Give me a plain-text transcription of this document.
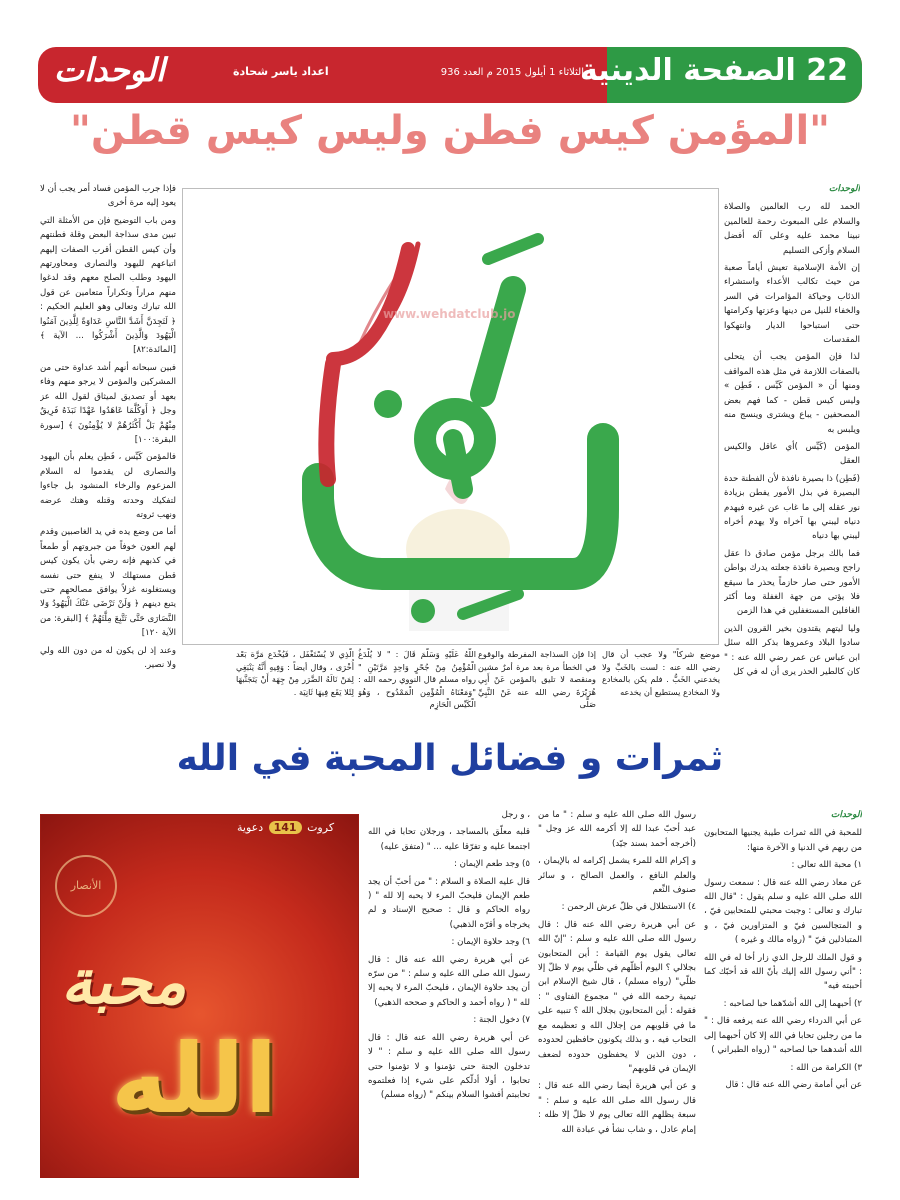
22 الصفحة الدينية
الثلاثاء 1 أيلول 2015 م العدد 936
اعداد ياسر شحادة
الوحدات
"المؤمن كيس فطن وليس كيس قطن"
الوحدات

الحمد لله رب العالمين والصلاة والسلام على المبعوث رحمة للعالمين نبينا محمد عليه وعلى آله أفضل السلام وأزكى التسليم

إن الأمة الإسلامية تعيش أياماً صعبة من حيث تكالب الأعداء واستشراء الذئاب وحياكة المؤامرات في السر والخفاء للنيل من دينها وعزتها وكرامتها حتى استباحوا الديار وانتهكوا المقدسات

لذا فإن المؤمن يجب أن يتحلى بالصفات اللازمة في مثل هذه المواقف ومنها أن « المؤمن كَيِّس ، فَطِن » وليس كيس قطن - كما فهم بعض المصحفين - يباع ويشترى وينسج منه ويلبس به

المؤمن (كَيِّس )أي عاقل والكيس العقل

(فَطِن) ذا بصيرة نافذة لأن الفطنة حدة البصيرة في بذل الأمور يفطن بزيادة نور عقله إلى ما غاب عن غيره فيهدم دنياه ليبني بها آخراه ولا يهدم أخراه ليبني بها دنياه

فما بالك برجل مؤمن صادق ذا عقل راجح وبصيرة نافذة جعلته يدرك بواطن الأمور حتى صار حازماً يحذر ما سيقع فلا يؤتى من جهة الغفلة وما أكثر الغافلين المستغفلين في هذا الزمن

وليا ليتهم يقتدون بخير القرون الذين سادوا البلاد وعمروها بذكر الله سئل ابن عباس عن عمر رضي الله عنه : " كان كالطير الحذر يرى أن له في كل

www.wehdatclub.jo

فإذا جرب المؤمن فساد أمر يجب أن لا يعود إليه مرة أخرى

ومن باب التوضيح فإن من الأمثلة التي تبين مدى سذاجة البعض وقلة فطنتهم وأن كيس القطن أقرب الصفات إليهم اتباعهم لليهود والنصارى ومحاورتهم اليهود وطلب الصلح معهم وقد لدغوا منهم مراراً وتكراراً متعامين عن قول الله تبارك وتعالى وهو العليم الحكيم : ﴿ لَتَجِدَنَّ أَشَدَّ النَّاسِ عَدَاوَةً لِلَّذِينَ آمَنُوا الْيَهُودَ وَالَّذِينَ أَشْرَكُوا ... الآية ﴾ [المائدة:٨٢]

فبين سبحانه أنهم أشد عداوة حتى من المشركين والمؤمن لا يرجو منهم وفاء بعهد أو تصديق لميثاق لقول الله عز وجل ﴿ أَوَكُلَّمَا عَاهَدُوا عَهْدًا نَبَذَهُ فَرِيقٌ مِنْهُمْ بَلْ أَكْثَرُهُمْ لا يُؤْمِنُونَ ﴾ [سورة البقرة:١٠٠]

فالمؤمن كَيِّس ، فَطِن يعلم بأن اليهود والنصارى لن يقدموا له السلام المزعوم والرخاء المنشود بل جاءوا لتفكيك وحدته وقتله وهتك عرضه ونهب ثروته

أما من وضع يده في يد الغاصبين وقدم لهم العون خوفاً من جبروتهم أو طمعاً في كذبهم فإنه رضي بأن يكون كيس قطن مستهلك لا ينفع حتى نفسه ويستغلونه غزلاً يوافق مصالحهم حتى يتبع دينهم ﴿ وَلَنْ تَرْضَى عَنْكَ الْيَهُودُ وَلا النَّصَارَى حَتَّى تَتَّبِعَ مِلَّتَهُمْ ﴾ [البقرة: من الآية ١٢٠]

وعند إذ لن يكون له من دون الله ولي ولا نصير.

موضع شركاً" ولا عجب أن قال رضي الله عنه : لست بالخَبِّ ولا يخدعني الخَبُّ . فلم يكن بالمخادع ولا المخادع يستطيع أن يخدعه

إذا فإن السذاجة المفرطة والوقوع في الخطأ مرة بعد مرة أمرٌ مشين ومنقصة لا تليق بالمؤمن عَنْ أَبِي هُرَيْرَةَ رضي الله عنه عَنْ النَّبِيِّ صَلَّى

اللَّهُ عَلَيْهِ وَسَلَّمَ قَالَ : " لا يُلْدَغُ الْمُؤْمِنُ مِنْ جُحْرٍ وَاحِدٍ مَرَّتَيْنِ " رواه مسلم قال النووي رحمه الله : "وَمَعْنَاهُ الْمُؤْمِن الْمَمْدُوح ، وَهُوَ الْكَيِّس الْحَازِم

الَّذِي لا يُسْتَغْفَل ، فَيُخْدَع مَرَّة بَعْد أُخْرَى ، وقال أيضاً : وَفِيهِ أَنَّهُ يَنْبَغِي لِمَنْ نَالَهُ الضَّرَر مِنْ جِهَة أَنْ يَتَجَنَّبهَا لِئَلا يَقَع فِيهَا ثَانِيَة .

ثمرات و فضائل المحبة في الله
الوحدات

للمحبة في الله ثمرات طيبة يجنيها المتحابون من ربهم في الدنيا و الآخرة منها:

١) محبة الله تعالى :

عن معاذ رضي الله عنه قال : سمعت رسول الله صلى الله عليه و سلم يقول : "قال الله تبارك و تعالى : وجبت محبتي للمتحابين فيّ ، و المتجالسين فيّ و المتزاورين فيّ ، و المتباذلين فيّ " (رواه مالك و غيره )

و قول الملك للرجل الذي زار أخا له في الله : "أني رسول الله إليك بأنّ الله قد أحبّك كما أحببته فيه"

٢) أحبهما إلى الله أشدّهما حبا لصاحبه :

عن أبي الدرداء رضي الله عنه يرفعه قال : " ما من رجلين تحابا في الله إلا كان أحبهما إلى الله أشدهما حبا لصاحبه " (رواه الطبراني )

٣) الكرامة من الله :

عن أبي أمامة رضي الله عنه قال : قال

رسول الله صلى الله عليه و سلم : " ما من عبد أحبّ عبدا لله إلا أكرمه الله عز وجل " (أخرجه أحمد بسند جيّد)

و إكرام الله للمرء يشمل إكرامه له بالإيمان ، والعلم النافع ، والعمل الصالح ، و سائر صنوف النِّعم

٤) الاستظلال في ظلّ عرش الرحمن :

عن أبي هريرة رضي الله عنه قال : قال رسول الله صلى الله عليه و سلم : "إنّ الله تعالى يقول يوم القيامة : أين المتحابون بجلالي ؟ اليوم أظلّهم في ظلّي يوم لا ظلّ إلا ظلّي" (رواه مسلم) ، قال شيخ الإسلام ابن تيمية رحمه الله في " مجموع الفتاوى " : فقوله : أين المتحابون بجلال الله ؟ تنبيه على ما في قلوبهم من إجلال الله و تعظيمه مع التحاب فيه ، و بذلك يكونون حافظين لحدوده ، دون الذين لا يحفظون حدوده لضعف الإيمان في قلوبهم"

و عن أبي هريرة أيضا رضي الله عنه قال : قال رسول الله صلى الله عليه و سلم : " سبعة يظلهم الله تعالى يوم لا ظلّ إلا ظله : إمام عادل ، و شاب نشأ في عبادة الله

، و رجل

قلبه معلّق بالمساجد ، ورجلان تحابا في الله اجتمعا عليه و تفرّقا عليه ... " (متفق عليه)

٥) وجد طعم الإيمان :

قال عليه الصلاة و السلام : " من أحبّ أن يجد طعم الإيمان فليحبّ المرء لا يحبه إلا لله " ( رواه الحاكم و قال : صحيح الإسناد و لم يخرجاه و أقرّه الذهبي)

٦) وجد حلاوة الإيمان :

عن أبي هريرة رضي الله عنه قال : قال رسول الله صلى الله عليه و سلم : " من سرّه أن يجد حلاوة الإيمان ، فليحبّ المرء لا يحبه إلا لله " ( رواه أحمد و الحاكم و صححه الذهبي)

٧) دخول الجنة :

عن أبي هريرة رضي الله عنه قال : قال رسول الله صلى الله عليه و سلم : " لا تدخلون الجنة حتى تؤمنوا و لا تؤمنوا حتى تحابوا ، أولا أدلّكم على شيء إذا فعلتموه تحاببتم أفشوا السلام بينكم " (رواه مسلم)

كروت 141 دعوية
الأنصار
محبة
الله
